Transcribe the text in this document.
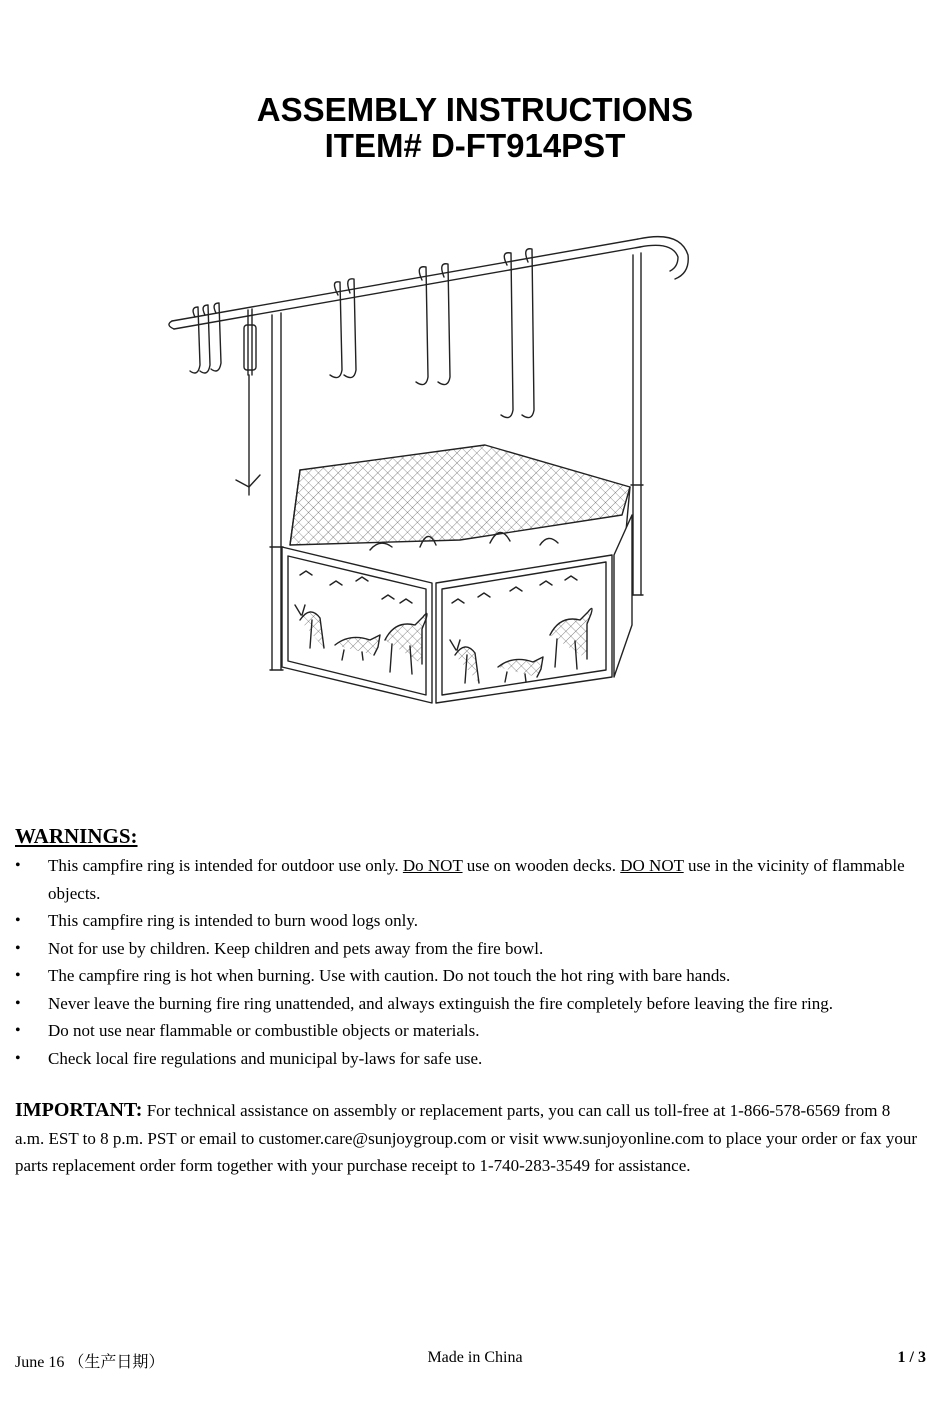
ASSEMBLY INSTRUCTIONS
ITEM# D-FT914PST
WARNINGS:
• This campfire ring is intended for outdoor use only. Do NOT use on wooden decks. DO NOT use in the vicinity of flammable objects.
• This campfire ring is intended to burn wood logs only.
• Not for use by children. Keep children and pets away from the fire bowl.
• The campfire ring is hot when burning. Use with caution. Do not touch the hot ring with bare hands.
• Never leave the burning fire ring unattended, and always extinguish the fire completely before leaving the fire ring.
• Do not use near flammable or combustible objects or materials.
• Check local fire regulations and municipal by-laws for safe use.

IMPORTANT: For technical assistance on assembly or replacement parts, you can call us toll-free at 1-866-578-6569 from 8 a.m. EST to 8 p.m. PST or email to customer.care@sunjoygroup.com or visit www.sunjoyonline.com to place your order or fax your parts replacement order form together with your purchase receipt to 1-740-283-3549 for assistance.

June 16 （生产日期）	Made in China	1 / 3
